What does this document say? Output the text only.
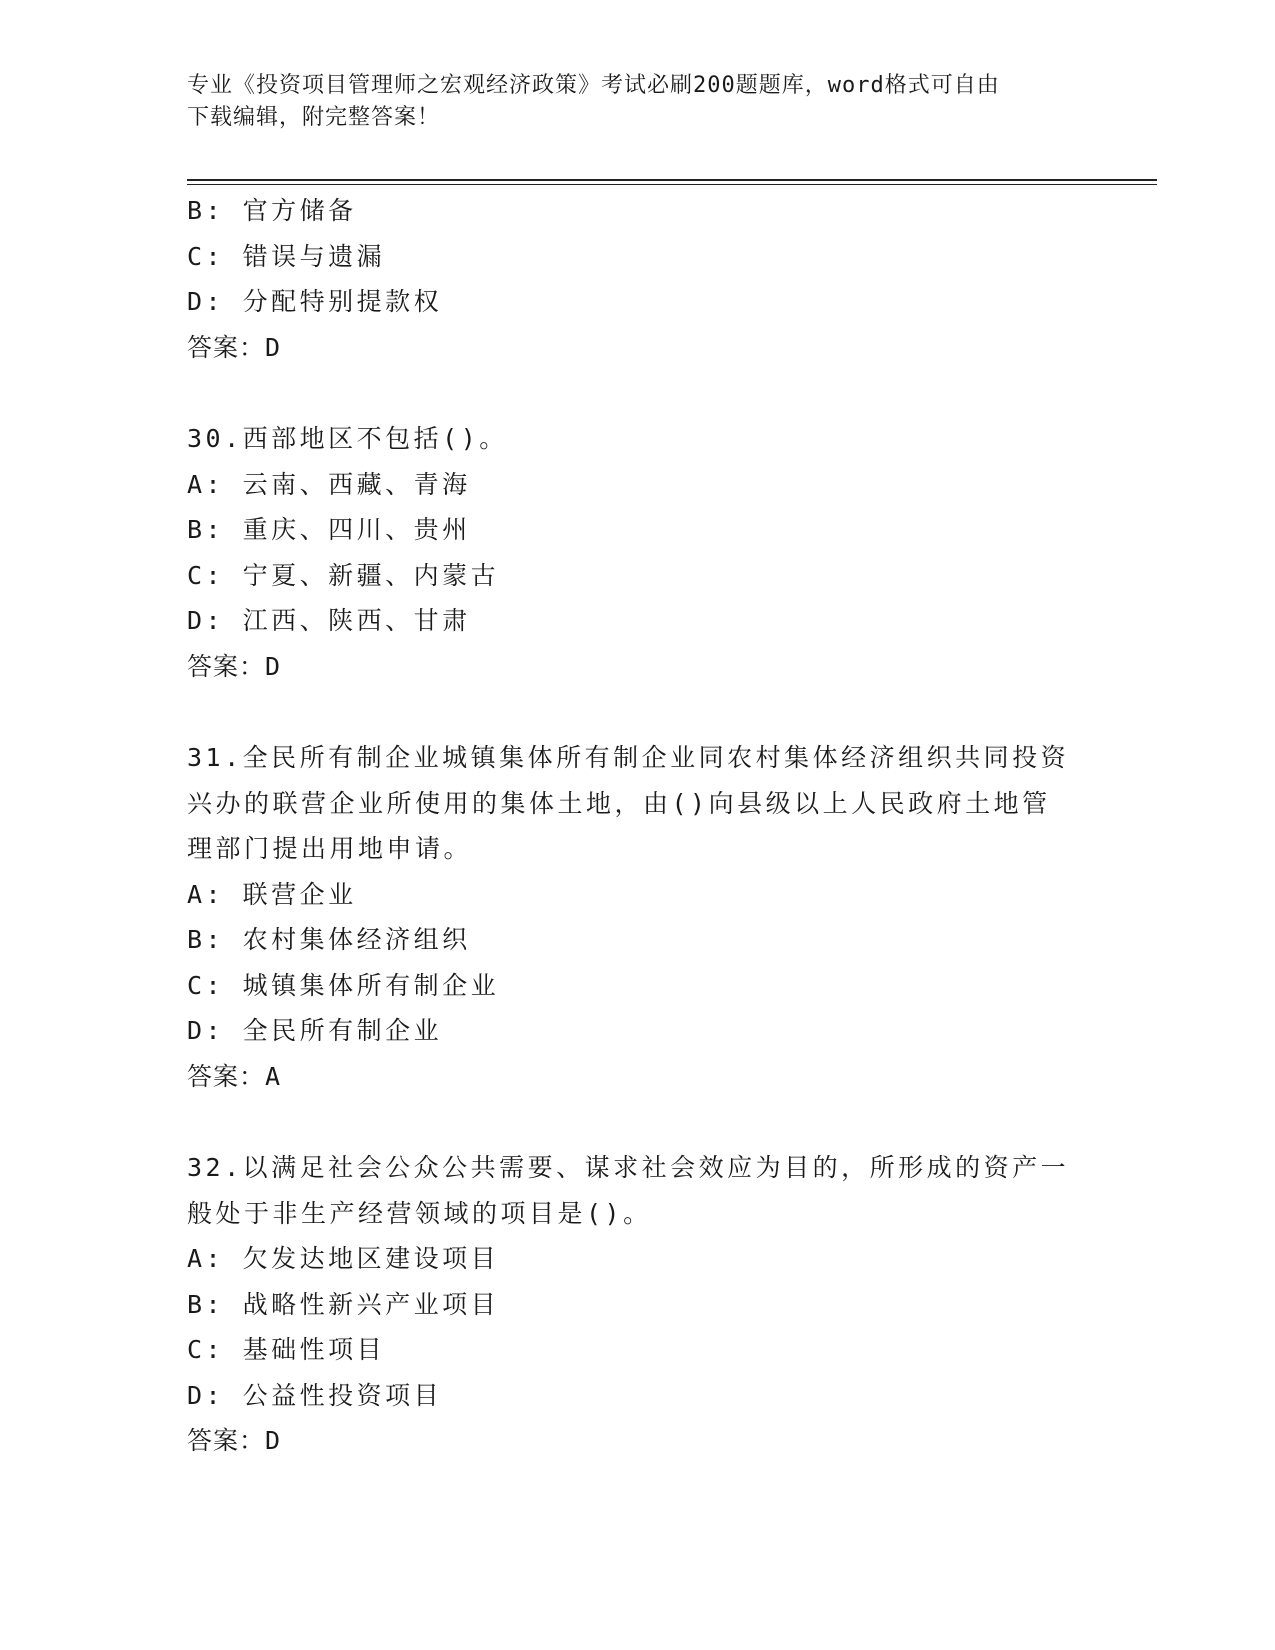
专业《投资项目管理师之宏观经济政策》考试必刷200题题库，word格式可自由
下载编辑，附完整答案！
B: 官方储备
C: 错误与遗漏
D: 分配特别提款权
答案：D
30.西部地区不包括()。
A: 云南、西藏、青海
B: 重庆、四川、贵州
C: 宁夏、新疆、内蒙古
D: 江西、陕西、甘肃
答案：D
31.全民所有制企业城镇集体所有制企业同农村集体经济组织共同投资
兴办的联营企业所使用的集体土地，由()向县级以上人民政府土地管
理部门提出用地申请。
A: 联营企业
B: 农村集体经济组织
C: 城镇集体所有制企业
D: 全民所有制企业
答案：A
32.以满足社会公众公共需要、谋求社会效应为目的，所形成的资产一
般处于非生产经营领域的项目是()。
A: 欠发达地区建设项目
B: 战略性新兴产业项目
C: 基础性项目
D: 公益性投资项目
答案：D
